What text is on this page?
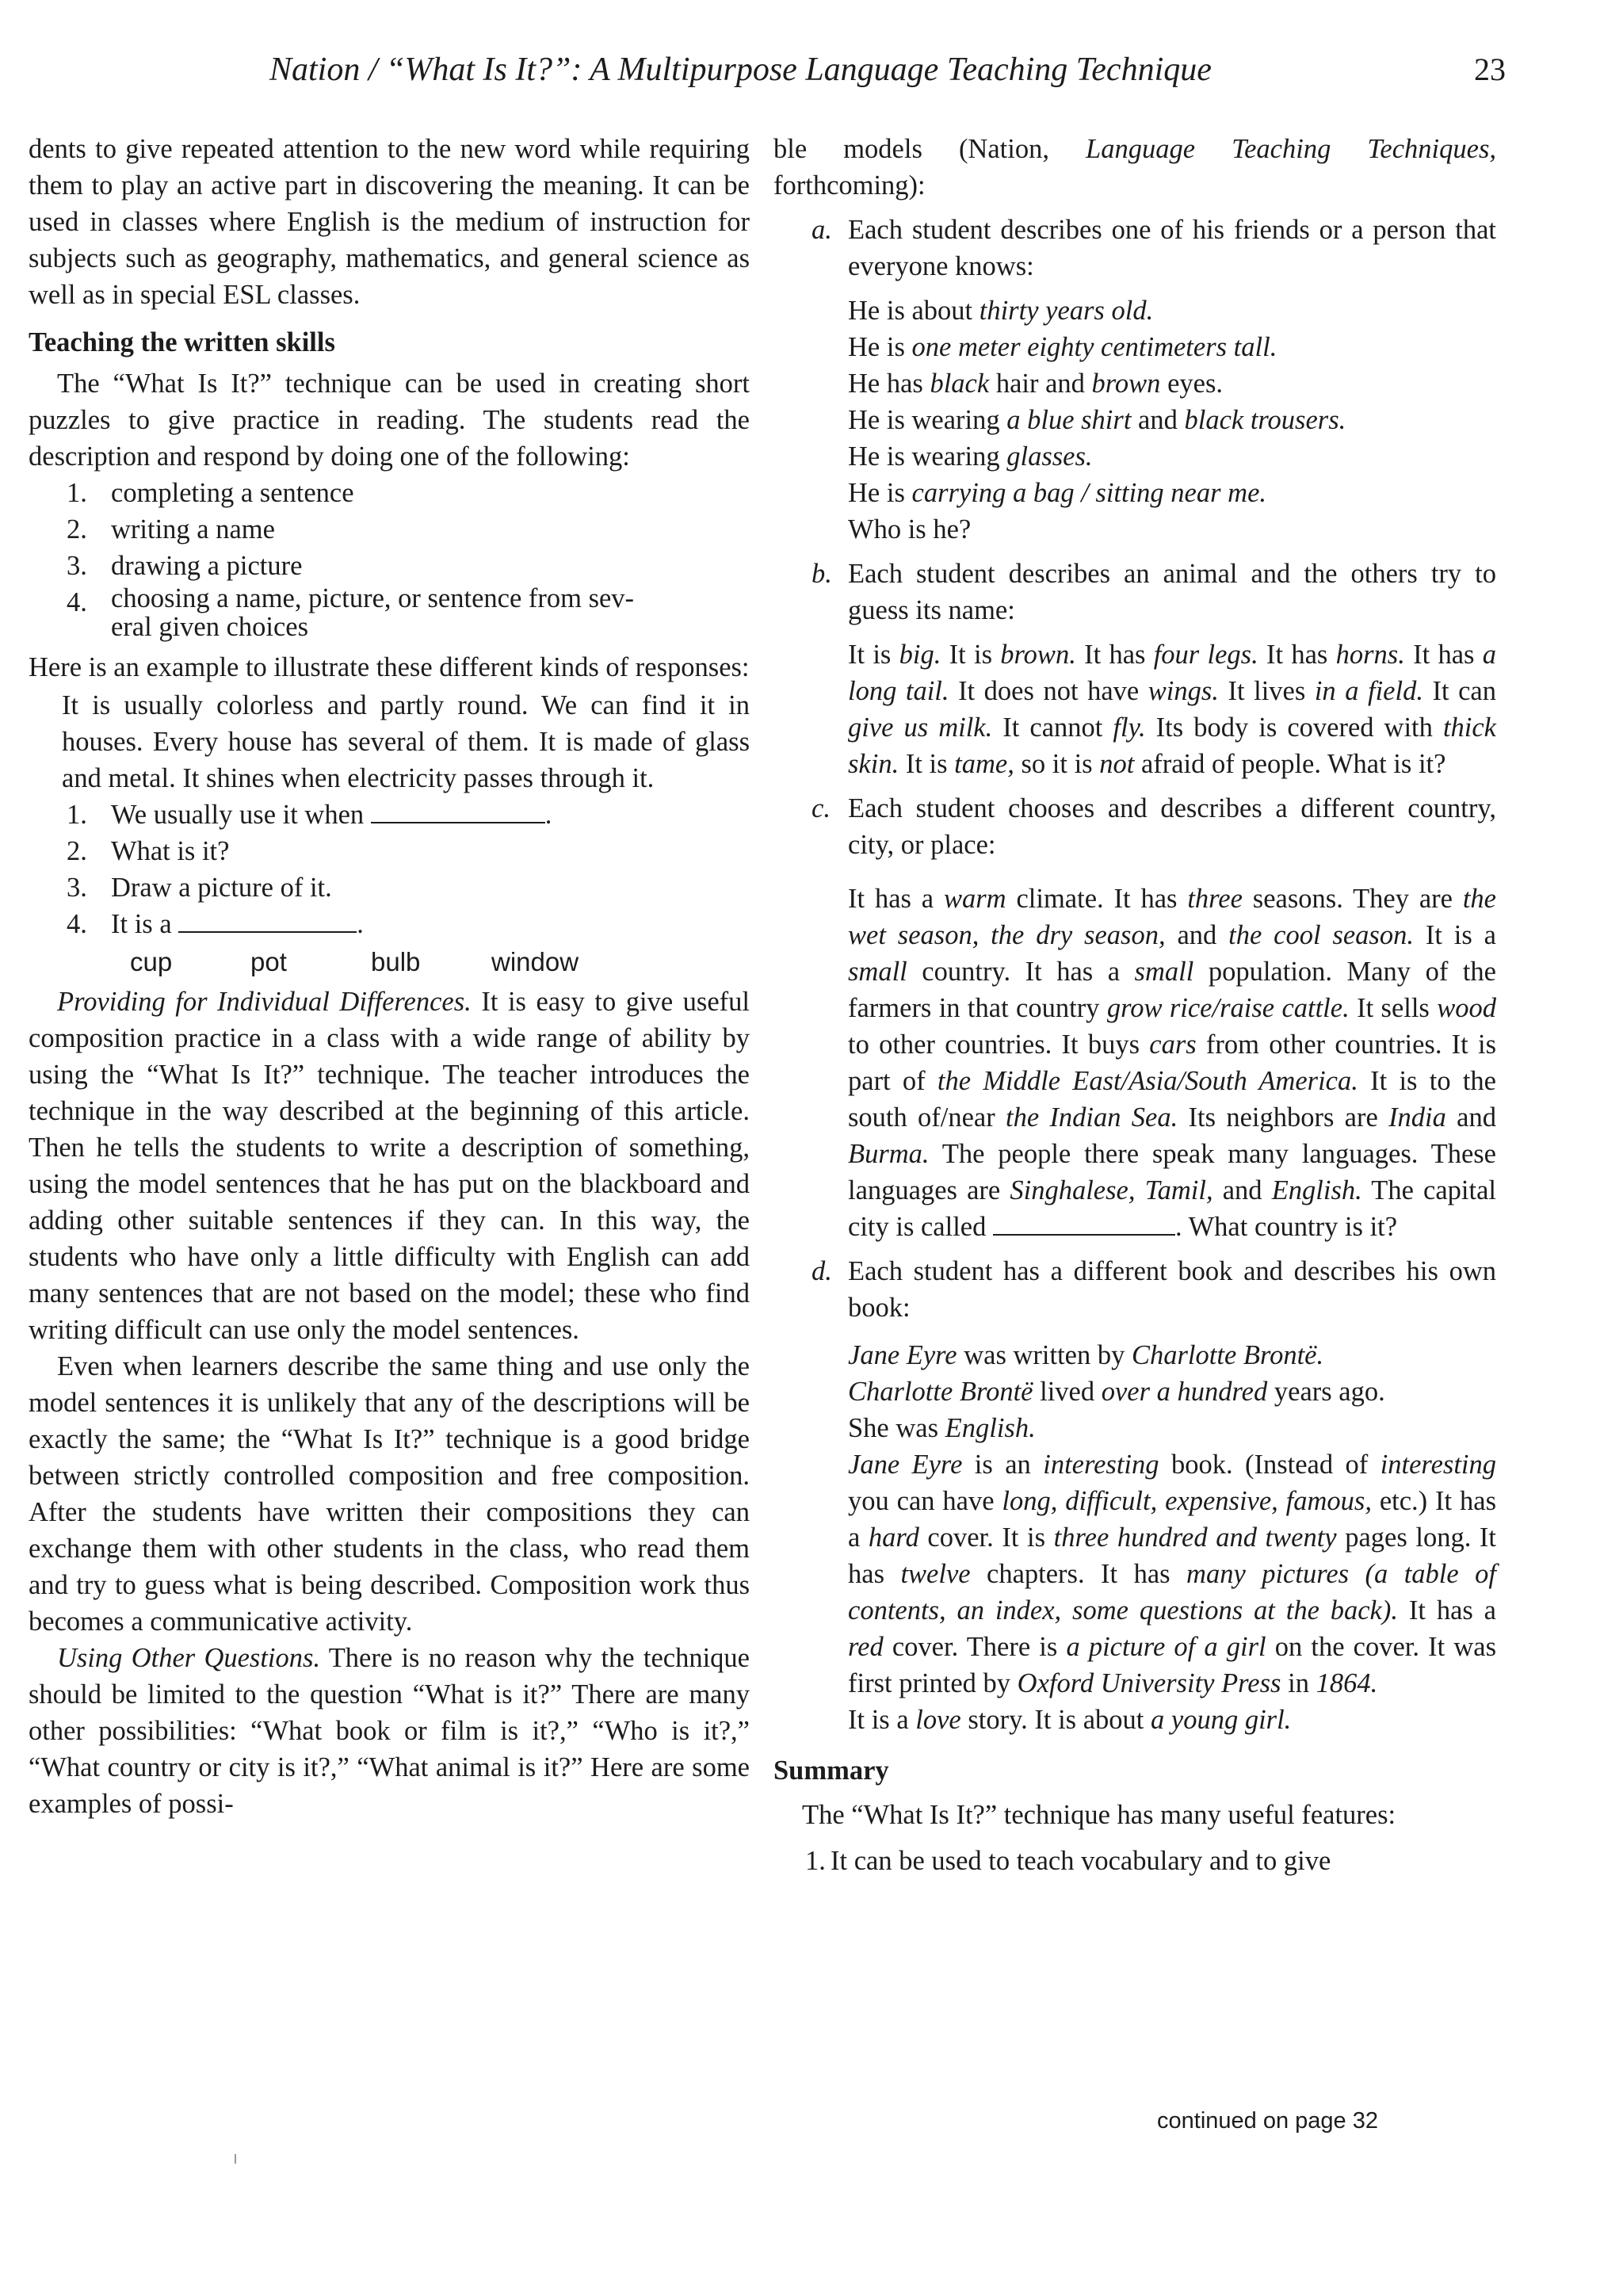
Nation / “What Is It?”: A Multipurpose Language Teaching Technique	23

dents to give repeated attention to the new word while requiring them to play an active part in discovering the meaning. It can be used in classes where English is the medium of instruction for subjects such as geography, mathematics, and general science as well as in special ESL classes.

Teaching the written skills

The “What Is It?” technique can be used in creating short puzzles to give practice in reading. The students read the description and respond by doing one of the following:

1. completing a sentence
2. writing a name
3. drawing a picture
4. choosing a name, picture, or sentence from sev-
eral given choices

Here is an example to illustrate these different kinds of responses:

It is usually colorless and partly round. We can find it in houses. Every house has several of them. It is made of glass and metal. It shines when electricity passes through it.

1. We usually use it when	.
2. What is it?
3. Draw a picture of it.
4. It is a	.
cup	pot	bulb	window

Providing for Individual Differences. It is easy to give useful composition practice in a class with a wide range of ability by using the “What Is It?” technique. The teacher introduces the technique in the way described at the beginning of this article. Then he tells the students to write a description of something, using the model sentences that he has put on the blackboard and adding other suitable sentences if they can. In this way, the students who have only a little difficulty with English can add many sentences that are not based on the model; these who find writing difficult can use only the model sentences.

Even when learners describe the same thing and use only the model sentences it is unlikely that any of the descriptions will be exactly the same; the “What Is It?” technique is a good bridge between strictly controlled composition and free composition. After the students have written their compositions they can exchange them with other students in the class, who read them and try to guess what is being described. Composition work thus becomes a communicative activity.

Using Other Questions. There is no reason why the technique should be limited to the question “What is it?” There are many other possibilities: “What book or film is it?,” “Who is it?,” “What country or city is it?,” “What animal is it?” Here are some examples of possi-

ble models (Nation, Language Teaching Techniques, forthcoming):

a. Each student describes one of his friends or a person that everyone knows:

He is about thirty years old.
He is one meter eighty centimeters tall.
He has black hair and brown eyes.
He is wearing a blue shirt and black trousers.
He is wearing glasses.
He is carrying a bag / sitting near me.
Who is he?
b. Each student describes an animal and the others try to guess its name:

It is big. It is brown. It has four legs. It has horns. It has a long tail. It does not have wings. It lives in a field. It can give us milk. It cannot fly. Its body is covered with thick skin. It is tame, so it is not afraid of people. What is it?

c. Each student chooses and describes a different country, city, or place:

It has a warm climate. It has three seasons. They are the wet season, the dry season, and the cool season. It is a small country. It has a small population. Many of the farmers in that country grow rice/raise cattle. It sells wood to other countries. It buys cars from other countries. It is part of the Middle East/Asia/South America. It is to the south of/near the Indian Sea. Its neighbors are India and Burma. The people there speak many languages. These languages are Singhalese, Tamil, and English. The capital city is called	. What country is it?

d. Each student has a different book and describes his own book:

Jane Eyre was written by Charlotte Brontë.
Charlotte Brontë lived over a hundred years ago.
She was English.

Jane Eyre is an interesting book. (Instead of interesting you can have long, difficult, expensive, famous, etc.) It has a hard cover. It is three hundred and twenty pages long. It has twelve chapters. It has many pictures (a table of contents, an index, some questions at the back). It has a red cover. There is a picture of a girl on the cover. It was first printed by Oxford University Press in 1864.

It is a love story. It is about a young girl.

Summary

The “What Is It?” technique has many useful features:

1. It can be used to teach vocabulary and to give
continued on page 32
